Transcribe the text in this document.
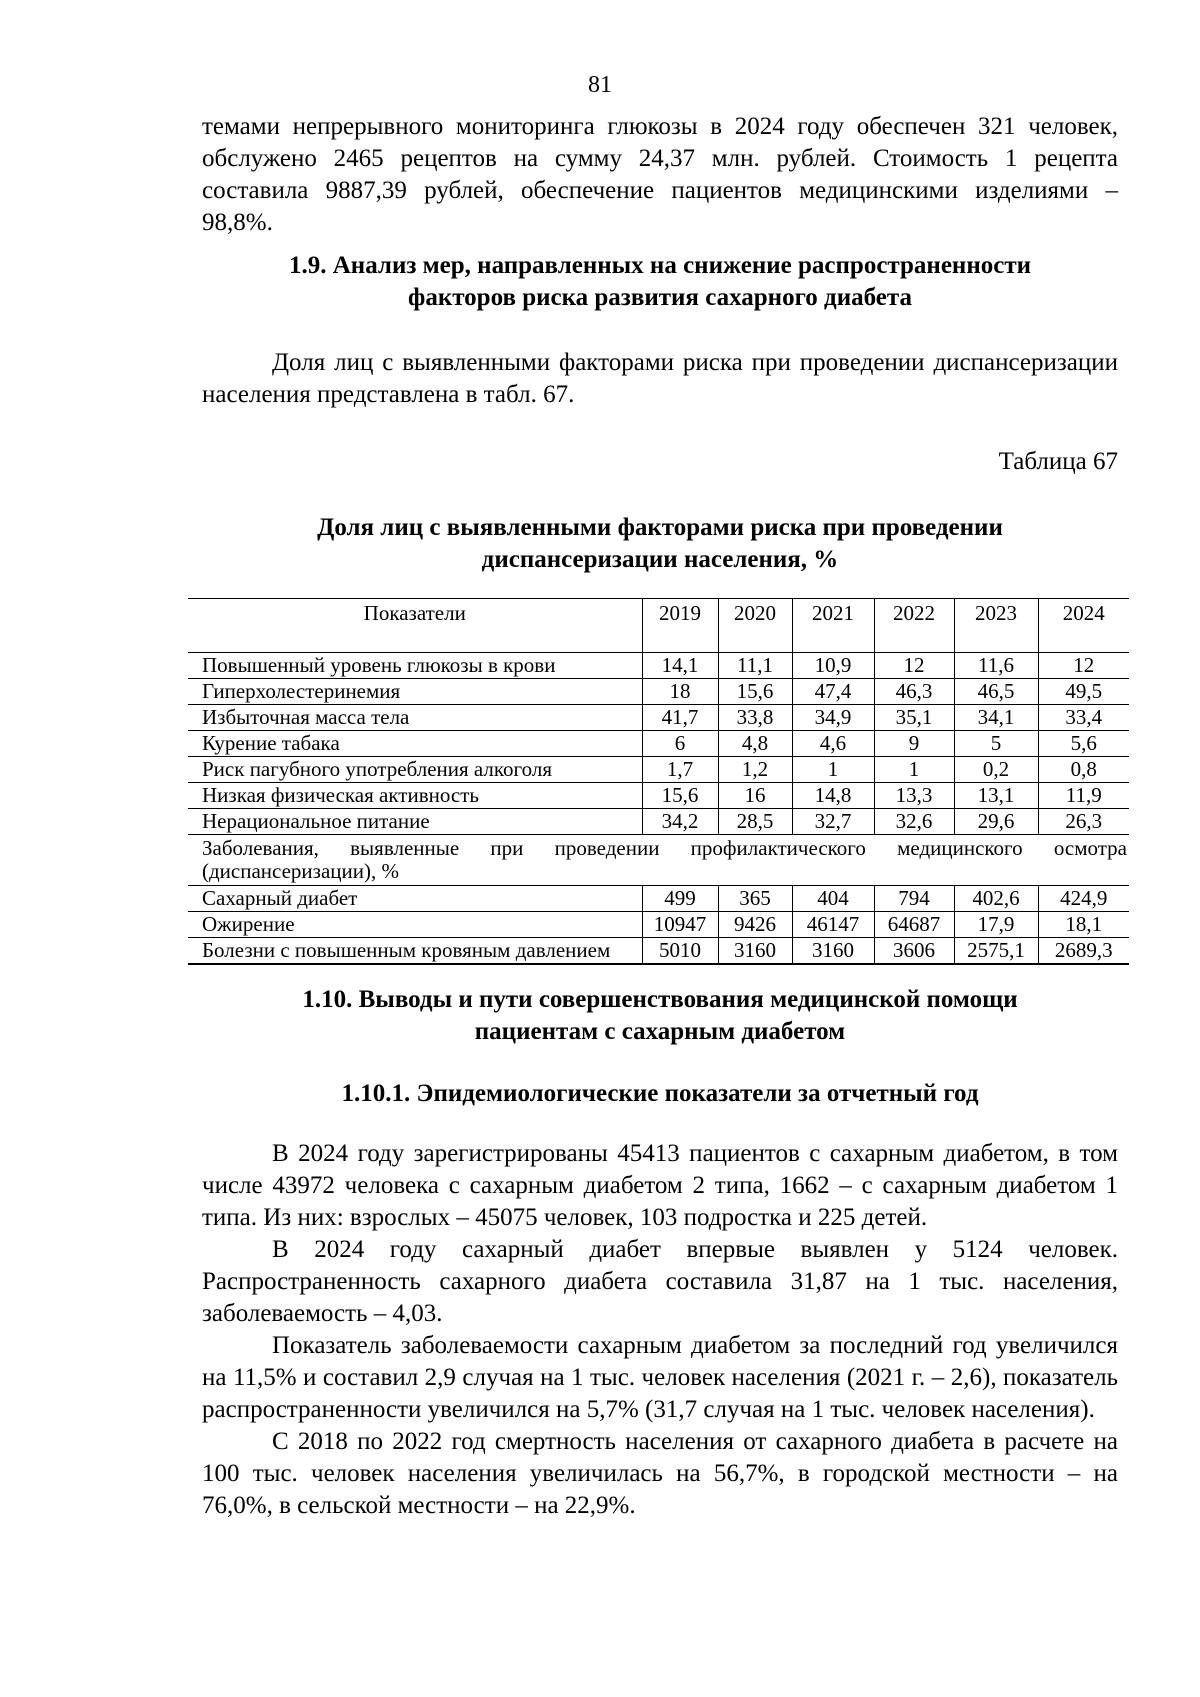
81

темами непрерывного мониторинга глюкозы в 2024 году обеспечен 321 человек, обслужено 2465 рецептов на сумму 24,37 млн. рублей. Стоимость 1 рецепта составила 9887,39 рублей, обеспечение пациентов медицинскими изделиями – 98,8%.

1.9. Анализ мер, направленных на снижение распространенности
факторов риска развития сахарного диабета

Доля лиц с выявленными факторами риска при проведении диспансеризации населения представлена в табл. 67.

Таблица 67
Доля лиц с выявленными факторами риска при проведении
диспансеризации населения, %
Показатели	2019	2020	2021	2022	2023	2024
Повышенный уровень глюкозы в крови	14,1	11,1	10,9	12	11,6	12
Гиперхолестеринемия	18	15,6	47,4	46,3	46,5	49,5
Избыточная масса тела	41,7	33,8	34,9	35,1	34,1	33,4
Курение табака	6	4,8	4,6	9	5	5,6
Риск пагубного употребления алкоголя	1,7	1,2	1	1	0,2	0,8
Низкая физическая активность	15,6	16	14,8	13,3	13,1	11,9
Нерациональное питание	34,2	28,5	32,7	32,6	29,6	26,3
Заболевания, выявленные при проведении профилактического медицинского осмотра (диспансеризации), %						
Сахарный диабет	499	365	404	794	402,6	424,9
Ожирение	10947	9426	46147	64687	17,9	18,1
Болезни с повышенным кровяным давлением	5010	3160	3160	3606	2575,1	2689,3
1.10. Выводы и пути совершенствования медицинской помощи
пациентам с сахарным диабетом
1.10.1. Эпидемиологические показатели за отчетный год

В 2024 году зарегистрированы 45413 пациентов с сахарным диабетом, в том числе 43972 человека с сахарным диабетом 2 типа, 1662 – с сахарным диабетом 1 типа. Из них: взрослых – 45075 человек, 103 подростка и 225 детей.

В 2024 году сахарный диабет впервые выявлен у 5124 человек. Распространенность сахарного диабета составила 31,87 на 1 тыс. населения, заболеваемость – 4,03.

Показатель заболеваемости сахарным диабетом за последний год увеличился на 11,5% и составил 2,9 случая на 1 тыс. человек населения (2021 г. – 2,6), показатель распространенности увеличился на 5,7% (31,7 случая на 1 тыс. человек населения).

С 2018 по 2022 год смертность населения от сахарного диабета в расчете на 100 тыс. человек населения увеличилась на 56,7%, в городской местности – на 76,0%, в сельской местности – на 22,9%.
